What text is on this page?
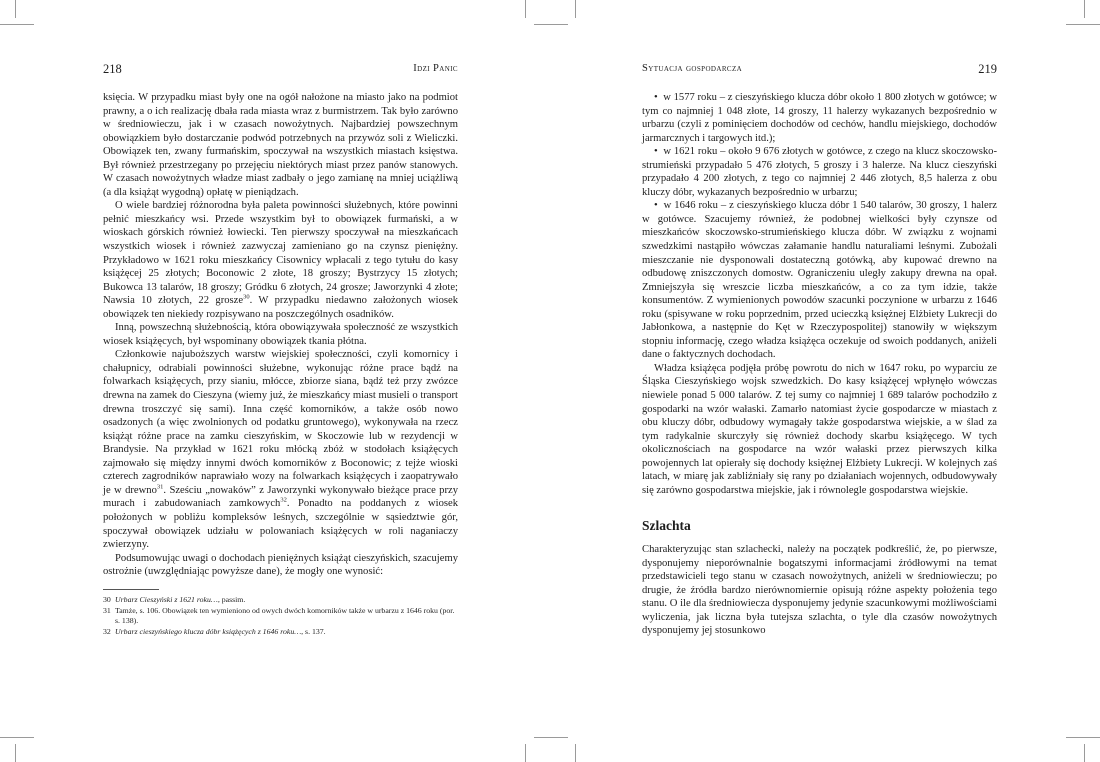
218	Idzi Panic

księcia. W przypadku miast były one na ogół nałożone na miasto jako na podmiot prawny, a o ich realizację dbała rada miasta wraz z burmistrzem. Tak było zarówno w średniowieczu, jak i w czasach nowożytnych. Najbardziej powszechnym obowiązkiem było dostarczanie podwód potrzebnych na przywóz soli z Wieliczki. Obowiązek ten, zwany furmańskim, spoczywał na wszystkich miastach księstwa. Był również przestrzegany po przejęciu niektórych miast przez panów stanowych. W czasach nowożytnych władze miast zadbały o jego zamianę na mniej uciążliwą (a dla książąt wygodną) opłatę w pieniądzach.

O wiele bardziej różnorodna była paleta powinności służebnych, które powinni pełnić mieszkańcy wsi. Przede wszystkim był to obowiązek furmański, a w wioskach górskich również łowiecki. Ten pierwszy spoczywał na mieszkańcach wszystkich wiosek i również zazwyczaj zamieniano go na czynsz pieniężny. Przykładowo w 1621 roku mieszkańcy Cisownicy wpłacali z tego tytułu do kasy książęcej 25 złotych; Boconowic 2 złote, 18 groszy; Bystrzycy 15 złotych; Bukowca 13 talarów, 18 groszy; Gródku 6 złotych, 24 grosze; Jaworzynki 4 złote; Nawsia 10 złotych, 22 grosze$^{30}$. W przypadku niedawno założonych wiosek obowiązek ten niekiedy rozpisywano na poszczególnych osadników.

Inną, powszechną służebnością, która obowiązywała społeczność ze wszystkich wiosek książęcych, był wspominany obowiązek tkania płótna.

Członkowie najuboższych warstw wiejskiej społeczności, czyli komornicy i chałupnicy, odrabiali powinności służebne, wykonując różne prace bądź na folwarkach książęcych, przy sianiu, młócce, zbiorze siana, bądź też przy zwózce drewna na zamek do Cieszyna (wiemy już, że mieszkańcy miast musieli o transport drewna troszczyć się sami). Inna część komorników, a także osób nowo osadzonych (a więc zwolnionych od podatku gruntowego), wykonywała na rzecz książąt różne prace na zamku cieszyńskim, w Skoczowie lub w rezydencji w Brandysie. Na przykład w 1621 roku młócką zbóż w stodołach książęcych zajmowało się między innymi dwóch komorników z Boconowic; z tejże wioski czterech zagrodników naprawiało wozy na folwarkach książęcych i zaopatrywało je w drewno$^{31}$. Sześciu „nowaków” z Jaworzynki wykonywało bieżące prace przy murach i zabudowaniach zamkowych$^{32}$. Ponadto na poddanych z wiosek położonych w pobliżu kompleksów leśnych, szczególnie w sąsiedztwie gór, spoczywał obowiązek udziału w polowaniach książęcych w roli naganiaczy zwierzyny.

Podsumowując uwagi o dochodach pieniężnych książąt cieszyńskich, szacujemy ostrożnie (uwzględniając powyższe dane), że mogły one wynosić:

30 Urbarz Cieszyński z 1621 roku…, passim.
31 Tamże, s. 106. Obowiązek ten wymieniono od owych dwóch komorników także w urbarzu z 1646 roku (por. s. 138).
32 Urbarz cieszyńskiego klucza dóbr książęcych z 1646 roku…, s. 137.
Sytuacja gospodarcza	219

•  w 1577 roku – z cieszyńskiego klucza dóbr około 1 800 złotych w gotówce; w tym co najmniej 1 048 złote, 14 groszy, 11 halerzy wykazanych bezpośrednio w urbarzu (czyli z pominięciem dochodów od cechów, handlu miejskiego, dochodów jarmarcznych i targowych itd.);

•  w 1621 roku – około 9 676 złotych w gotówce, z czego na klucz skoczowsko-strumieński przypadało 5 476 złotych, 5 groszy i 3 halerze. Na klucz cieszyński przypadało 4 200 złotych, z tego co najmniej 2 446 złotych, 8,5 halerza z obu kluczy dóbr, wykazanych bezpośrednio w urbarzu;

•  w 1646 roku – z cieszyńskiego klucza dóbr 1 540 talarów, 30 groszy, 1 halerz w gotówce. Szacujemy również, że podobnej wielkości były czynsze od mieszkańców skoczowsko-strumieńskiego klucza dóbr. W związku z wojnami szwedzkimi nastąpiło wówczas załamanie handlu naturaliami leśnymi. Zubożali mieszczanie nie dysponowali dostateczną gotówką, aby kupować drewno na odbudowę zniszczonych domostw. Ograniczeniu uległy zakupy drewna na opał. Zmniejszyła się wreszcie liczba mieszkańców, a co za tym idzie, także konsumentów. Z wymienionych powodów szacunki poczynione w urbarzu z 1646 roku (spisywane w roku poprzednim, przed ucieczką księżnej Elżbiety Lukrecji do Jabłonkowa, a następnie do Kęt w Rzeczypospolitej) stanowiły w większym stopniu informację, czego władza książęca oczekuje od swoich poddanych, aniżeli dane o faktycznych dochodach.

Władza książęca podjęła próbę powrotu do nich w 1647 roku, po wyparciu ze Śląska Cieszyńskiego wojsk szwedzkich. Do kasy książęcej wpłynęło wówczas niewiele ponad 5 000 talarów. Z tej sumy co najmniej 1 689 talarów pochodziło z gospodarki na wzór wałaski. Zamarło natomiast życie gospodarcze w miastach z obu kluczy dóbr, odbudowy wymagały także gospodarstwa wiejskie, a w ślad za tym radykalnie skurczyły się również dochody skarbu książęcego. W tych okolicznościach na gospodarce na wzór wałaski przez pierwszych kilka powojennych lat opierały się dochody księżnej Elżbiety Lukrecji. W kolejnych zaś latach, w miarę jak zabliźniały się rany po działaniach wojennych, odbudowywały się zarówno gospodarstwa miejskie, jak i równolegle gospodarstwa wiejskie.

Szlachta

Charakteryzując stan szlachecki, należy na początek podkreślić, że, po pierwsze, dysponujemy nieporównalnie bogatszymi informacjami źródłowymi na temat przedstawicieli tego stanu w czasach nowożytnych, aniżeli w średniowieczu; po drugie, że źródła bardzo nierównomiernie opisują różne aspekty położenia tego stanu. O ile dla średniowiecza dysponujemy jedynie szacunkowymi możliwościami wyliczenia, jak liczna była tutejsza szlachta, o tyle dla czasów nowożytnych dysponujemy jej stosunkowo
